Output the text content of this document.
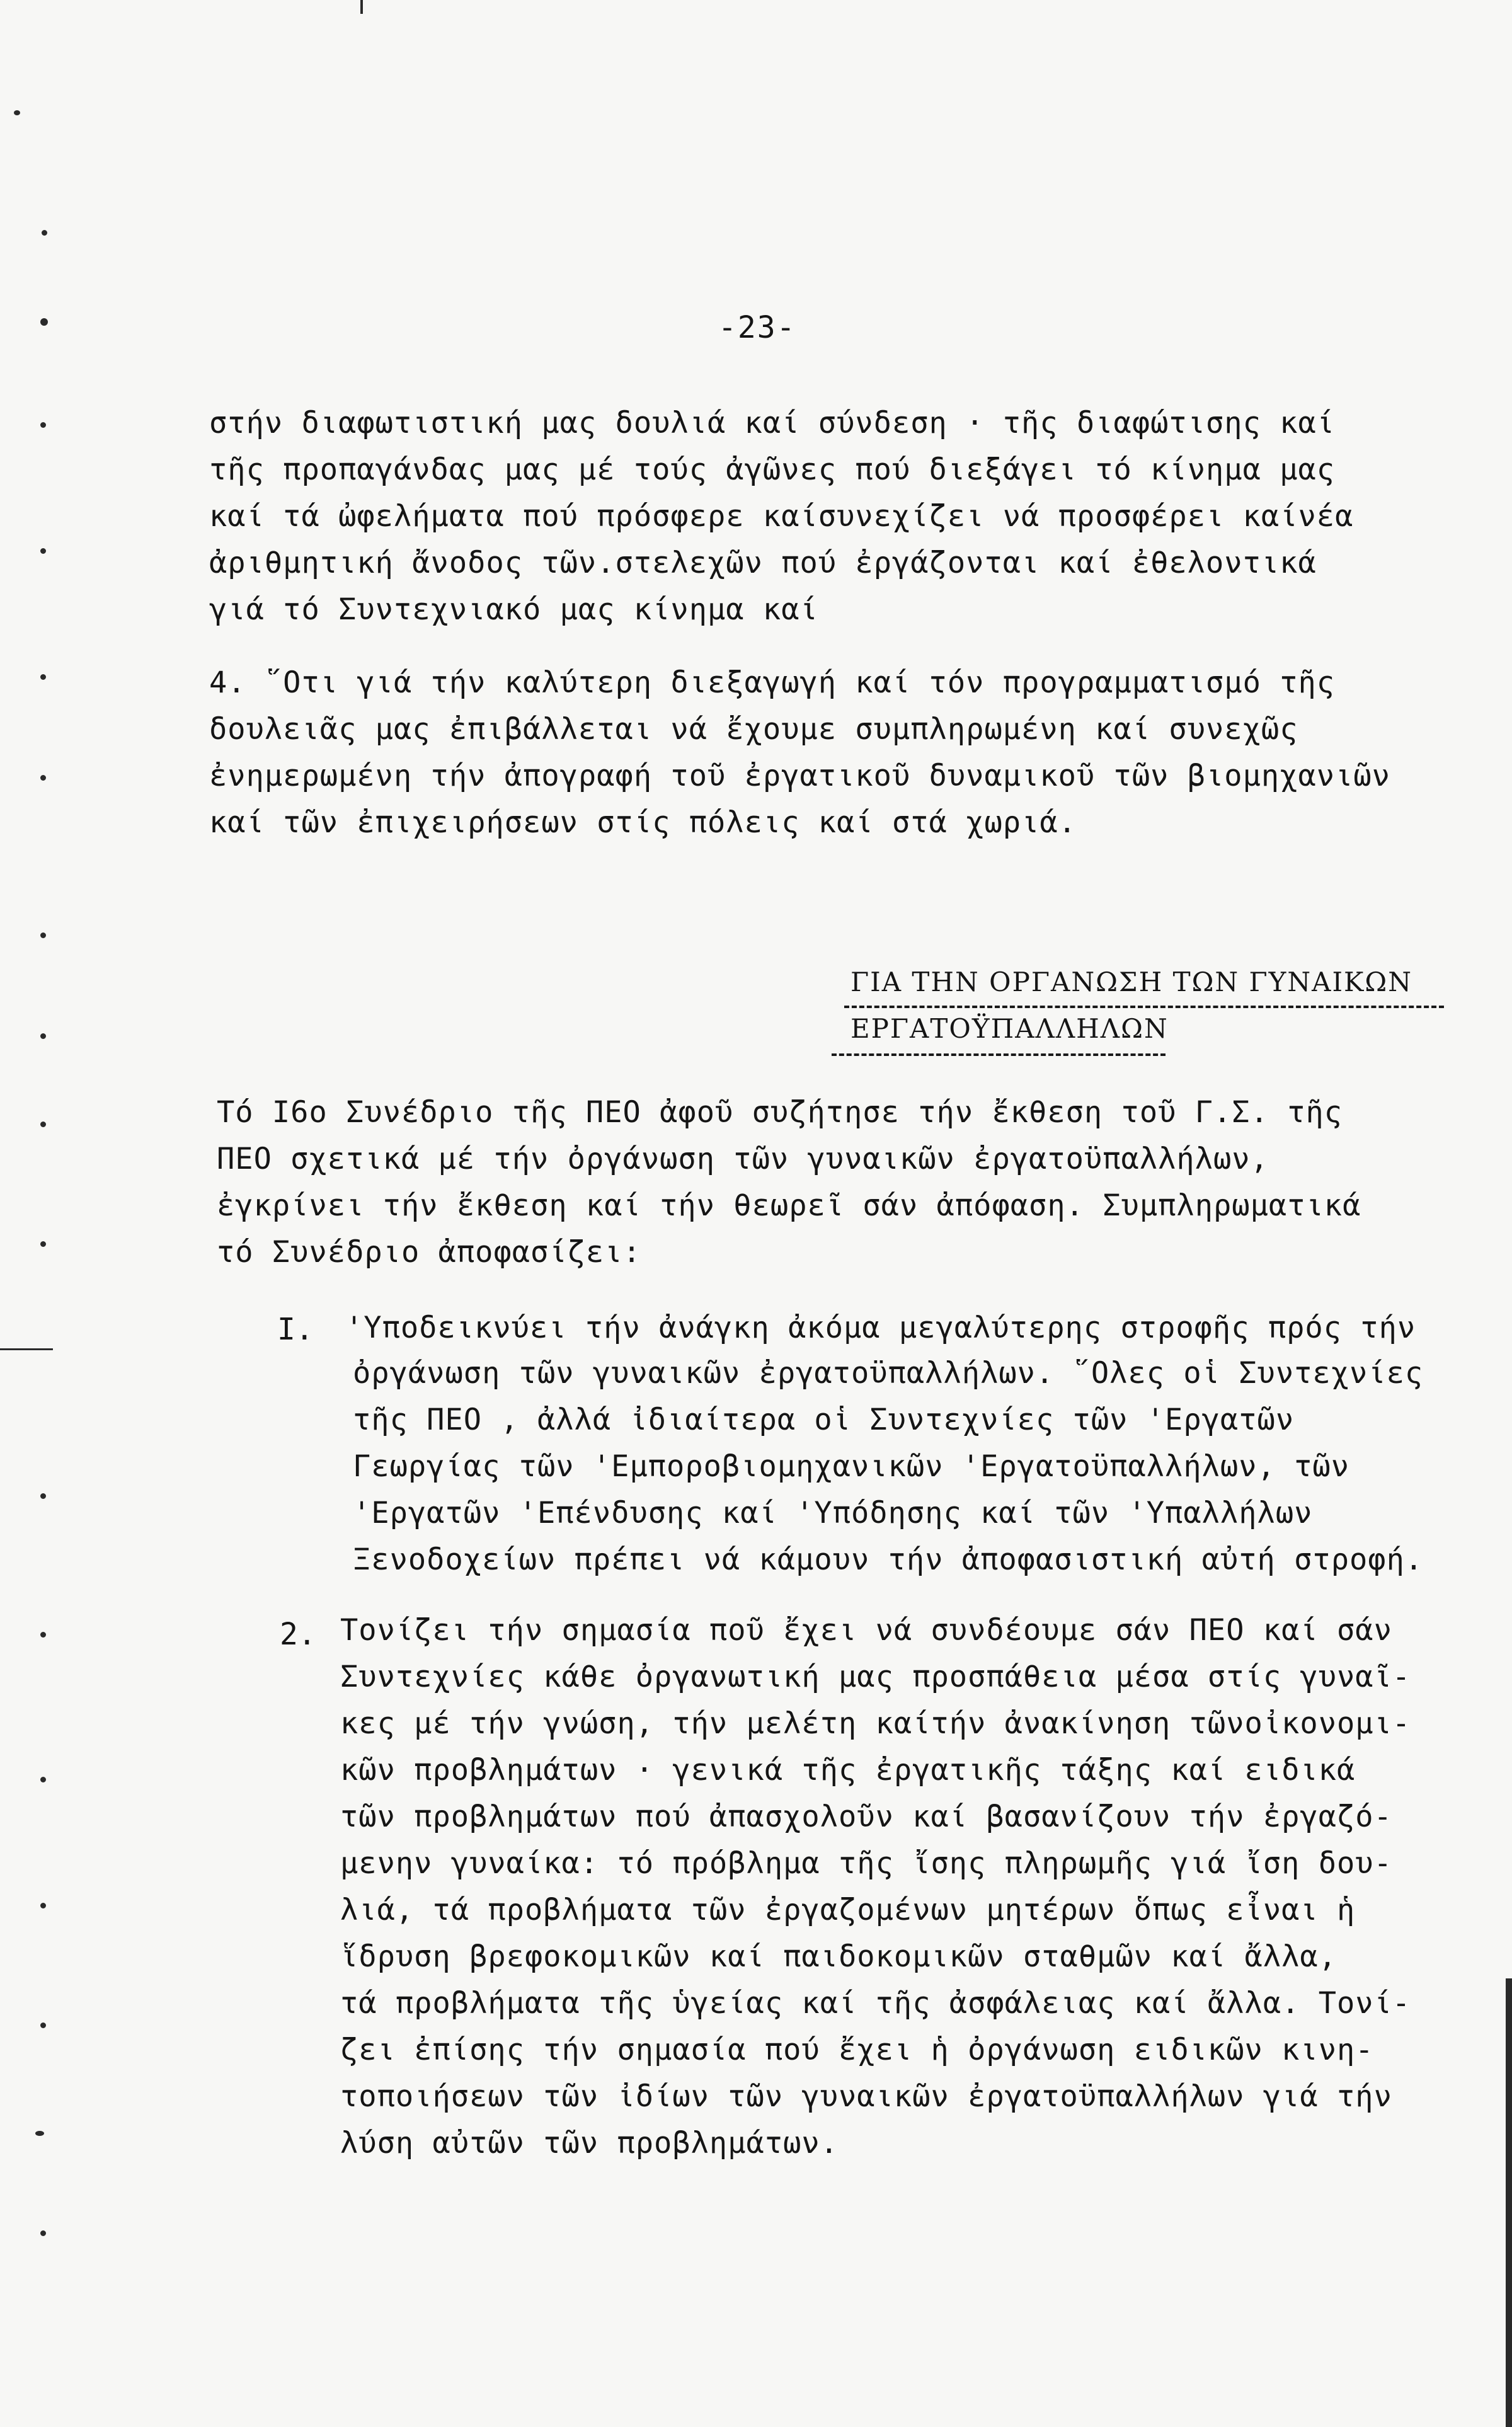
-23-
στήν διαφωτιστική μας δουλιά καί σύνδεση · τῆς διαφώτισης καί
τῆς προπαγάνδας μας μέ τούς ἀγῶνες πού διεξάγει τό κίνημα μας
καί τά ὠφελήματα πού πρόσφερε καίσυνεχίζει νά προσφέρει καίνέα
ἀριθμητική ἄνοδος τῶν.στελεχῶν πού ἐργάζονται καί ἐθελοντικά
γιά τό Συντεχνιακό μας κίνημα καί
4. ῞Οτι γιά τήν καλύτερη διεξαγωγή καί τόν προγραμματισμό τῆς
δουλειᾶς μας ἐπιβάλλεται νά ἔχουμε συμπληρωμένη καί συνεχῶς
ἐνημερωμένη τήν ἀπογραφή τοῦ ἐργατικοῦ δυναμικοῦ τῶν βιομηχανιῶν
καί τῶν ἐπιχειρήσεων στίς πόλεις καί στά χωριά.
ΓΙΑ ΤΗΝ ΟΡΓΑΝΩΣΗ ΤΩΝ ΓΥΝΑΙΚΩΝ
ΕΡΓΑΤΟΫΠΑΛΛΗΛΩΝ
Τό Ι6ο Συνέδριο τῆς ΠΕΟ ἀφοῦ συζήτησε τήν ἔκθεση τοῦ Γ.Σ. τῆς
ΠΕΟ σχετικά μέ τήν ὀργάνωση τῶν γυναικῶν ἐργατοϋπαλλήλων,
ἐγκρίνει τήν ἔκθεση καί τήν θεωρεῖ σάν ἀπόφαση. Συμπληρωματικά
τό Συνέδριο ἀποφασίζει:
Ι. 'Υποδεικνύει τήν ἀνάγκη ἀκόμα μεγαλύτερης στροφῆς πρός τήν
ὀργάνωση τῶν γυναικῶν ἐργατοϋπαλλήλων. ῞Ολες οἱ Συντεχνίες
τῆς ΠΕΟ , ἀλλά ἰδιαίτερα οἱ Συντεχνίες τῶν 'Εργατῶν
Γεωργίας τῶν 'Εμποροβιομηχανικῶν 'Εργατοϋπαλλήλων, τῶν
'Εργατῶν 'Επένδυσης καί 'Υπόδησης καί τῶν 'Υπαλλήλων
Ξενοδοχείων πρέπει νά κάμουν τήν ἀποφασιστική αὐτή στροφή.
2. Τονίζει τήν σημασία ποῦ ἔχει νά συνδέουμε σάν ΠΕΟ καί σάν
Συντεχνίες κάθε ὀργανωτική μας προσπάθεια μέσα στίς γυναῖ-
κες μέ τήν γνώση, τήν μελέτη καίτήν ἀνακίνηση τῶνοἰκονομι-
κῶν προβλημάτων · γενικά τῆς ἐργατικῆς τάξης καί ειδικά
τῶν προβλημάτων πού ἀπασχολοῦν καί βασανίζουν τήν ἐργαζό-
μενην γυναίκα: τό πρόβλημα τῆς ἴσης πληρωμῆς γιά ἴση δου-
λιά, τά προβλήματα τῶν ἐργαζομένων μητέρων ὅπως εἶναι ἡ
ἵδρυση βρεφοκομικῶν καί παιδοκομικῶν σταθμῶν καί ἄλλα,
τά προβλήματα τῆς ὑγείας καί τῆς ἀσφάλειας καί ἄλλα. Τονί-
ζει ἐπίσης τήν σημασία πού ἔχει ἡ ὀργάνωση ειδικῶν κινη-
τοποιήσεων τῶν ἰδίων τῶν γυναικῶν ἐργατοϋπαλλήλων γιά τήν
λύση αὐτῶν τῶν προβλημάτων.
